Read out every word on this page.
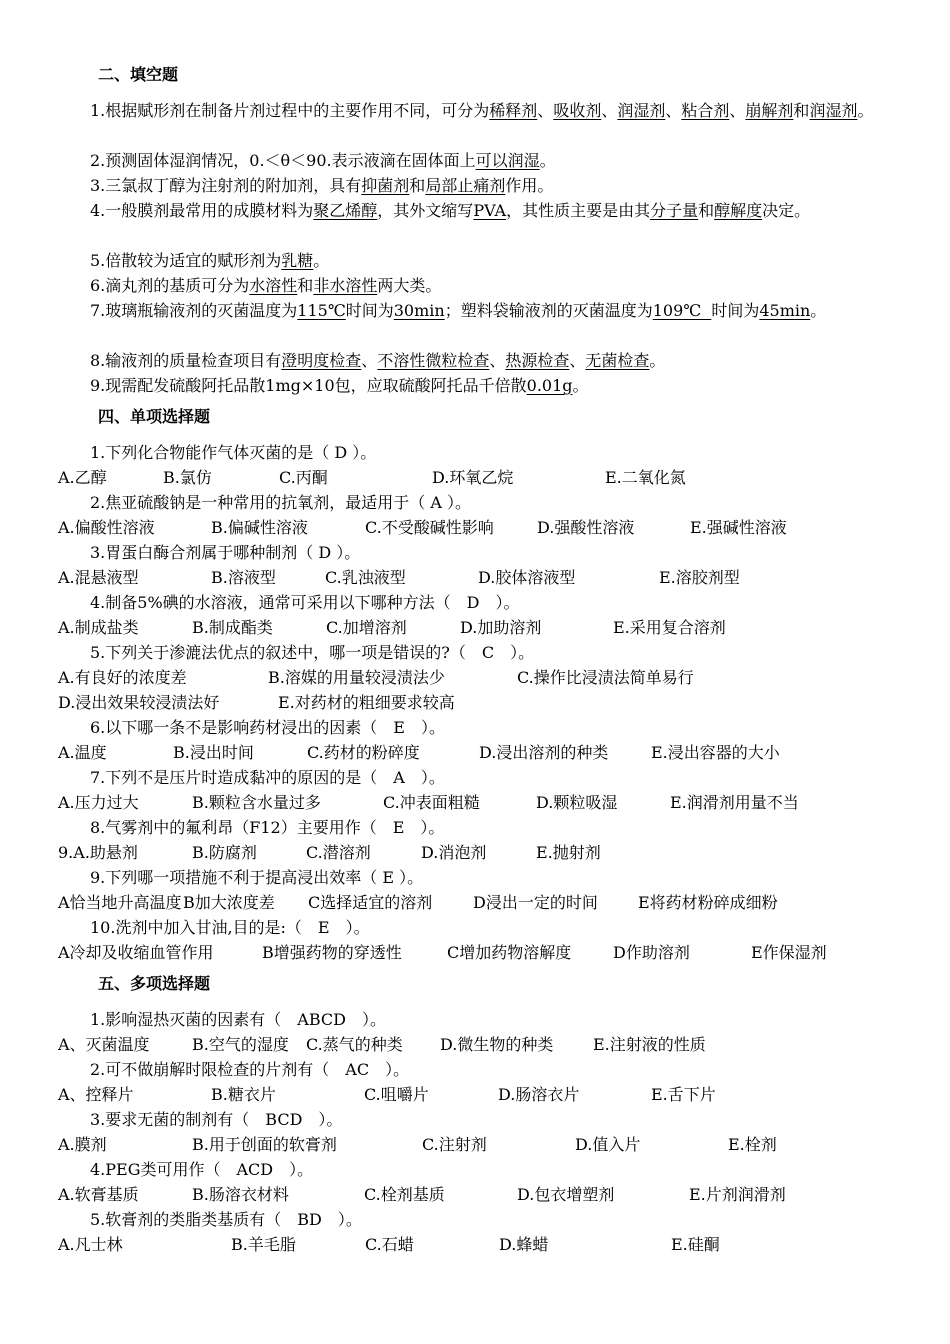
二、填空题
1.根据赋形剂在制备片剂过程中的主要作用不同，可分为稀释剂、吸收剂、润湿剂、粘合剂、崩解剂和润湿剂。
2.预测固体湿润情况，0.＜θ＜90.表示液滴在固体面上可以润湿。
3.三氯叔丁醇为注射剂的附加剂，具有抑菌剂和局部止痛剂作用。
4.一般膜剂最常用的成膜材料为聚乙烯醇，其外文缩写PVA，其性质主要是由其分子量和醇解度决定。
5.倍散较为适宜的赋形剂为乳糖。
6.滴丸剂的基质可分为水溶性和非水溶性两大类。
7.玻璃瓶输液剂的灭菌温度为115℃时间为30min；塑料袋输液剂的灭菌温度为109℃  时间为45min。
8.输液剂的质量检查项目有澄明度检查、不溶性微粒检查、热源检查、无菌检查。
9.现需配发硫酸阿托品散1mg×10包，应取硫酸阿托品千倍散0.01g。
四、单项选择题
1.下列化合物能作气体灭菌的是（ D ）。
A.乙醇	B.氯仿	C.丙酮	D.环氧乙烷	E.二氧化氮
2.焦亚硫酸钠是一种常用的抗氧剂，最适用于（ A ）。
A.偏酸性溶液	B.偏碱性溶液	C.不受酸碱性影响	D.强酸性溶液	E.强碱性溶液
3.胃蛋白酶合剂属于哪种制剂（ D ）。
A.混悬液型	B.溶液型	C.乳浊液型	D.胶体溶液型	E.溶胶剂型
4.制备5%碘的水溶液，通常可采用以下哪种方法（　D　）。
A.制成盐类	B.制成酯类	C.加增溶剂	D.加助溶剂	E.采用复合溶剂
5.下列关于渗漉法优点的叙述中，哪一项是错误的?（　C　）。
A.有良好的浓度差	B.溶媒的用量较浸渍法少	C.操作比浸渍法简单易行
D.浸出效果较浸渍法好	E.对药材的粗细要求较高
6.以下哪一条不是影响药材浸出的因素（　E　）。
A.温度	B.浸出时间	C.药材的粉碎度	D.浸出溶剂的种类	E.浸出容器的大小
7.下列不是压片时造成黏冲的原因的是（　A　）。
A.压力过大	B.颗粒含水量过多	C.冲表面粗糙	D.颗粒吸湿	E.润滑剂用量不当
8.气雾剂中的氟利昂（F12）主要用作（　E　）。
9.A.助悬剂	B.防腐剂	C.潜溶剂	D.消泡剂	E.抛射剂
9.下列哪一项措施不利于提高浸出效率（ E ）。
A恰当地升高温度 B加大浓度差	C选择适宜的溶剂	D浸出一定的时间	E将药材粉碎成细粉
10.洗剂中加入甘油,目的是:（　E　）。
A冷却及收缩血管作用	B增强药物的穿透性	C增加药物溶解度	D作助溶剂	E作保湿剂
五、多项选择题
1.影响湿热灭菌的因素有（　ABCD　）。
A、灭菌温度	B.空气的湿度	C.蒸气的种类	D.微生物的种类	E.注射液的性质
2.可不做崩解时限检查的片剂有（　AC　）。
A、控释片	B.糖衣片	C.咀嚼片	D.肠溶衣片	E.舌下片
3.要求无菌的制剂有（　BCD　）。
A.膜剂	B.用于创面的软膏剂	C.注射剂	D.值入片	E.栓剂
4.PEG类可用作（　ACD　）。
A.软膏基质	B.肠溶衣材料	C.栓剂基质	D.包衣增塑剂	E.片剂润滑剂
5.软膏剂的类脂类基质有（　BD　）。
A.凡士林	B.羊毛脂	C.石蜡	D.蜂蜡	E.硅酮
